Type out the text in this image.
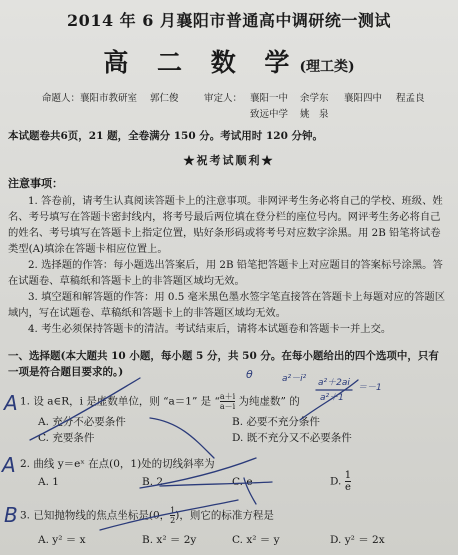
2014 年 6 月襄阳市普通高中调研统一测试
高 二 数 学(理工类)
命题人： 襄阳市教研室 郭仁俊	审定人： 襄阳一中 余学东 襄阳四中 程孟良
致远中学 姚　泉
本试题卷共6页，21 题，全卷满分 150 分。考试用时 120 分钟。
★祝考试顺利★
注意事项：
1. 答卷前，请考生认真阅读答题卡上的注意事项。非网评考生务必将自己的学校、班级、姓名、考号填写在答题卡密封线内，将考号最后两位填在登分栏的座位号内。网评考生务必将自己的姓名、考号填写在答题卡上指定位置，贴好条形码或将考号对应数字涂黑。用 2B 铅笔将试卷类型(A)填涂在答题卡相应位置上。
2. 选择题的作答：每小题选出答案后，用 2B 铅笔把答题卡上对应题目的答案标号涂黑。答在试题卷、草稿纸和答题卡上的非答题区域均无效。
3. 填空题和解答题的作答：用 0.5 毫米黑色墨水签字笔直接答在答题卡上每题对应的答题区域内，写在试题卷、草稿纸和答题卡上的非答题区域均无效。
4. 考生必须保持答题卡的清洁。考试结束后，请将本试题卷和答题卡一并上交。
一、选择题(本大题共 10 小题，每小题 5 分，共 50 分。在每小题给出的四个选项中，只有一项是符合题目要求的。)
1. 设 a∈R，i 是虚数单位，则 “a＝1” 是 “ $\frac{a+i}{a-i}$ 为纯虚数” 的
A. 充分不必要条件	B. 必要不充分条件
C. 充要条件	D. 既不充分又不必要条件
2. 曲线 y＝eˣ 在点(0，1)处的切线斜率为
A. 1	B. 2	C. e	D. $\frac{1}{e}$
3. 已知抛物线的焦点坐标是(0， $\frac{1}{2}$ )，则它的标准方程是
A. y² ＝ x	B. x² ＝ 2y	C. x² ＝ y	D. y² ＝ 2x
A
A
B
θ	a²－i² a²＋2ai ＝－1
a²＋1
